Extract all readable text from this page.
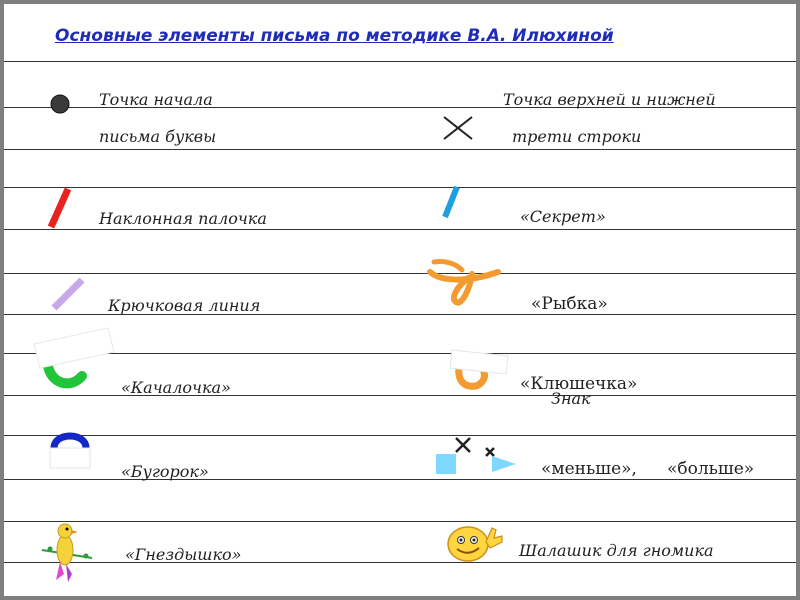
Основные элементы письма по методике В.А. Илюхиной
Точка начала
письма буквы
Точка верхней и нижней
трети строки
Наклонная палочка	«Секрет»
Крючковая линия	«Рыбка»
«Качалочка»	«Клюшечка»
«Бугорок»
Знак
«меньше», «больше»
«Гнездышко»	Шалашик для гномика
